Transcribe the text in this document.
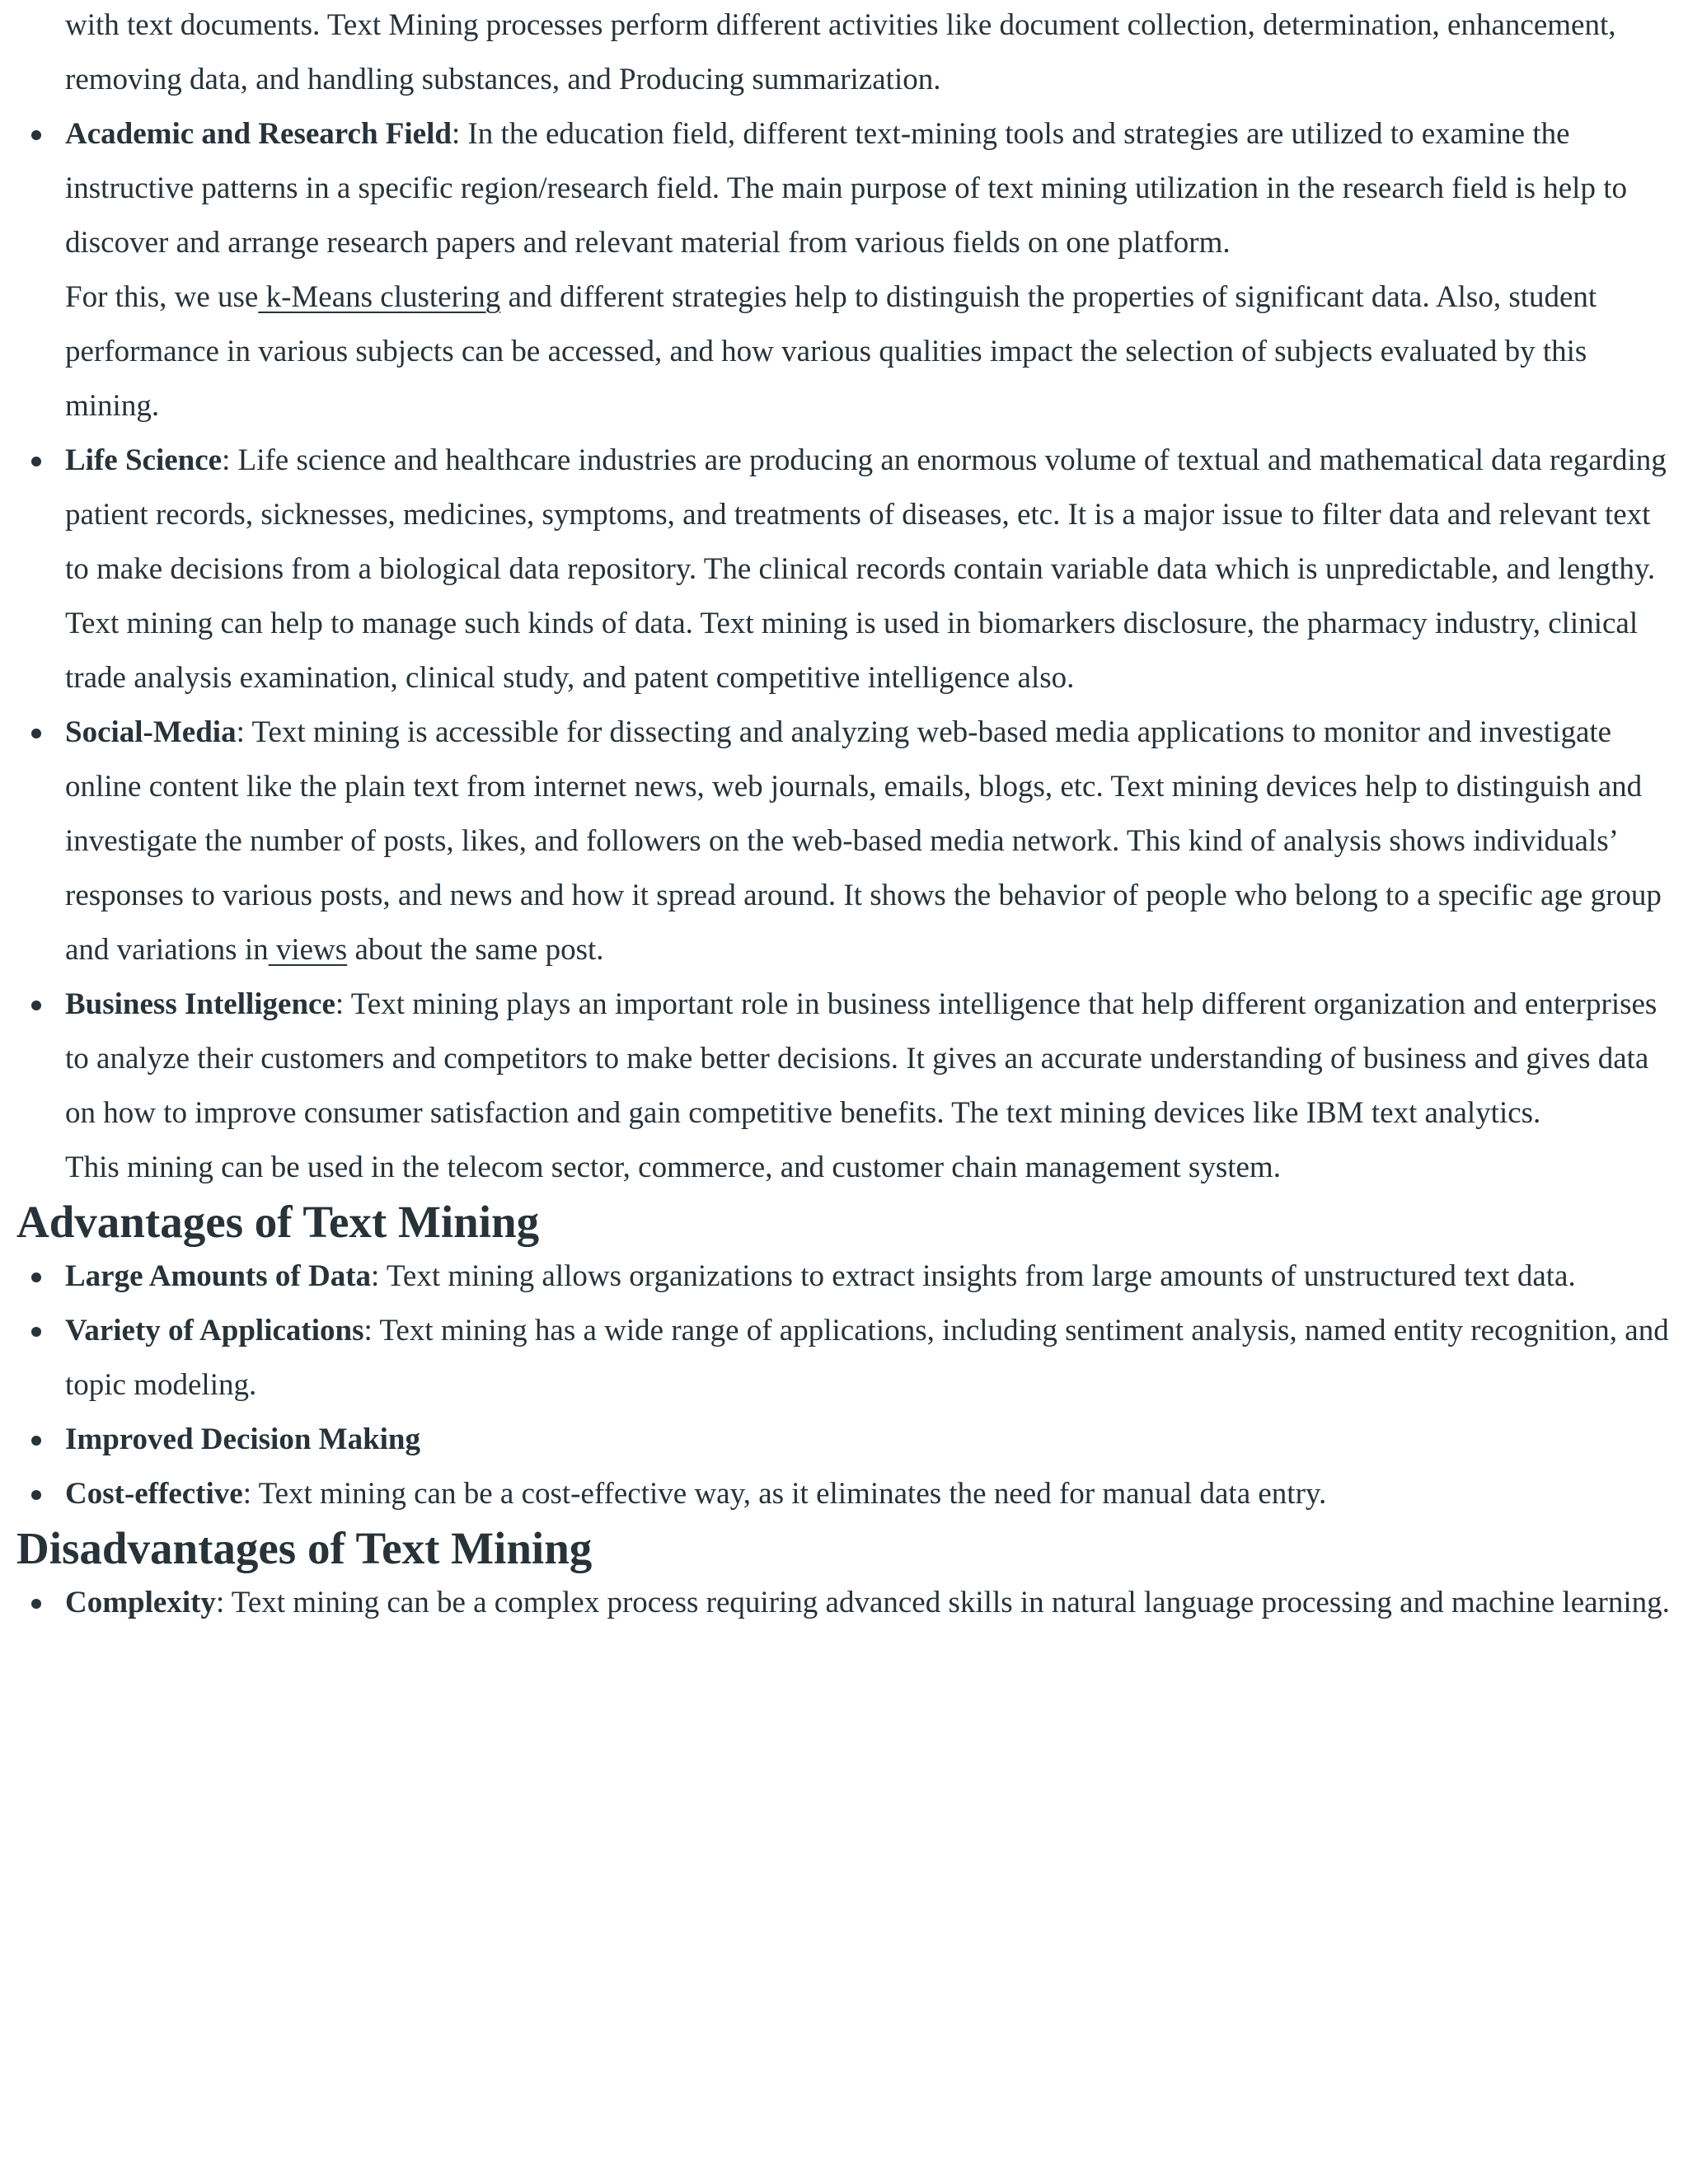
with text documents. Text Mining processes perform different activities like document collection, determination, enhancement, removing data, and handling substances, and Producing summarization.

Academic and Research Field: In the education field, different text-mining tools and strategies are utilized to examine the instructive patterns in a specific region/research field. The main purpose of text mining utilization in the research field is help to discover and arrange research papers and relevant material from various fields on one platform.
For this, we use k-Means clustering and different strategies help to distinguish the properties of significant data. Also, student performance in various subjects can be accessed, and how various qualities impact the selection of subjects evaluated by this mining.
Life Science: Life science and healthcare industries are producing an enormous volume of textual and mathematical data regarding patient records, sicknesses, medicines, symptoms, and treatments of diseases, etc. It is a major issue to filter data and relevant text to make decisions from a biological data repository. The clinical records contain variable data which is unpredictable, and lengthy. Text mining can help to manage such kinds of data. Text mining is used in biomarkers disclosure, the pharmacy industry, clinical trade analysis examination, clinical study, and patent competitive intelligence also.
Social-Media: Text mining is accessible for dissecting and analyzing web-based media applications to monitor and investigate online content like the plain text from internet news, web journals, emails, blogs, etc. Text mining devices help to distinguish and investigate the number of posts, likes, and followers on the web-based media network. This kind of analysis shows individuals’ responses to various posts, and news and how it spread around. It shows the behavior of people who belong to a specific age group and variations in views about the same post.
Business Intelligence: Text mining plays an important role in business intelligence that help different organization and enterprises to analyze their customers and competitors to make better decisions. It gives an accurate understanding of business and gives data on how to improve consumer satisfaction and gain competitive benefits. The text mining devices like IBM text analytics.
This mining can be used in the telecom sector, commerce, and customer chain management system.
Advantages of Text Mining
Large Amounts of Data: Text mining allows organizations to extract insights from large amounts of unstructured text data.
Variety of Applications: Text mining has a wide range of applications, including sentiment analysis, named entity recognition, and topic modeling.
Improved Decision Making
Cost-effective: Text mining can be a cost-effective way, as it eliminates the need for manual data entry.
Disadvantages of Text Mining
Complexity: Text mining can be a complex process requiring advanced skills in natural language processing and machine learning.
